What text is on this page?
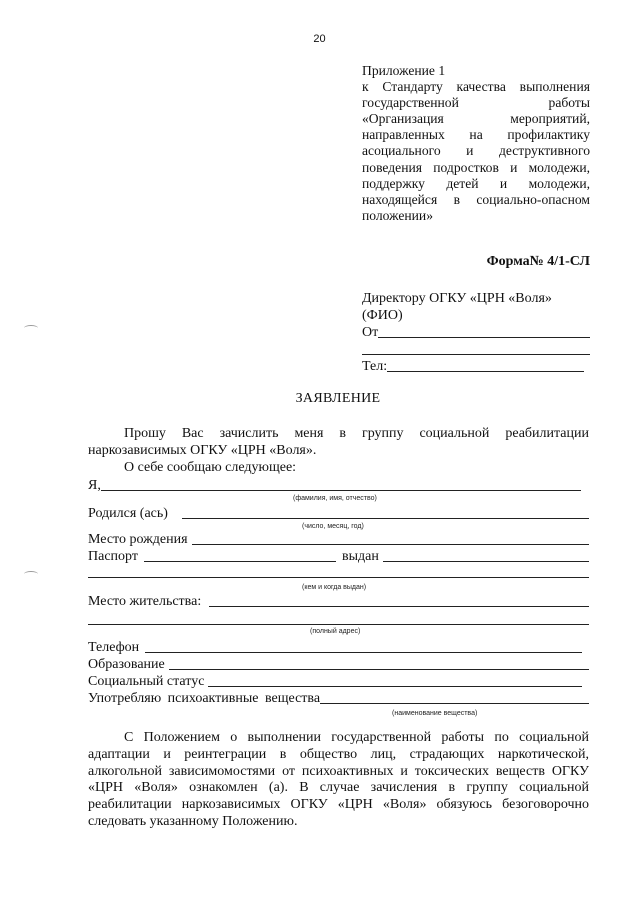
20
Приложение 1
к Стандарту качества выполнения
государственной работы
«Организация мероприятий,
направленных на профилактику
асоциального и деструктивного
поведения подростков и молодежи,
поддержку детей и молодежи,
находящейся в социально-опасном
положении»
Форма№ 4/1-СЛ
Директору ОГКУ «ЦРН «Воля»
(ФИО)
От
Тел:
ЗАЯВЛЕНИЕ
Прошу Вас зачислить меня в группу социальной реабилитации наркозависимых ОГКУ «ЦРН «Воля».
О себе сообщаю следующее:
Я,
(фамилия, имя, отчество)
Родился (ась)
(число, месяц, год)
Место рождения
Паспорт	выдан
(кем и когда выдан)
Место жительства:
(полный адрес)
Телефон
Образование
Социальный статус
Употребляю психоактивные вещества
(наименование вещества)
С Положением о выполнении государственной работы по социальной адаптации и реинтеграции в общество лиц, страдающих наркотической, алкогольной зависимомостями от психоактивных и токсических веществ ОГКУ «ЦРН «Воля» ознакомлен (а). В случае зачисления в группу социальной реабилитации наркозависимых ОГКУ «ЦРН «Воля» обязуюсь безоговорочно следовать указанному Положению.
